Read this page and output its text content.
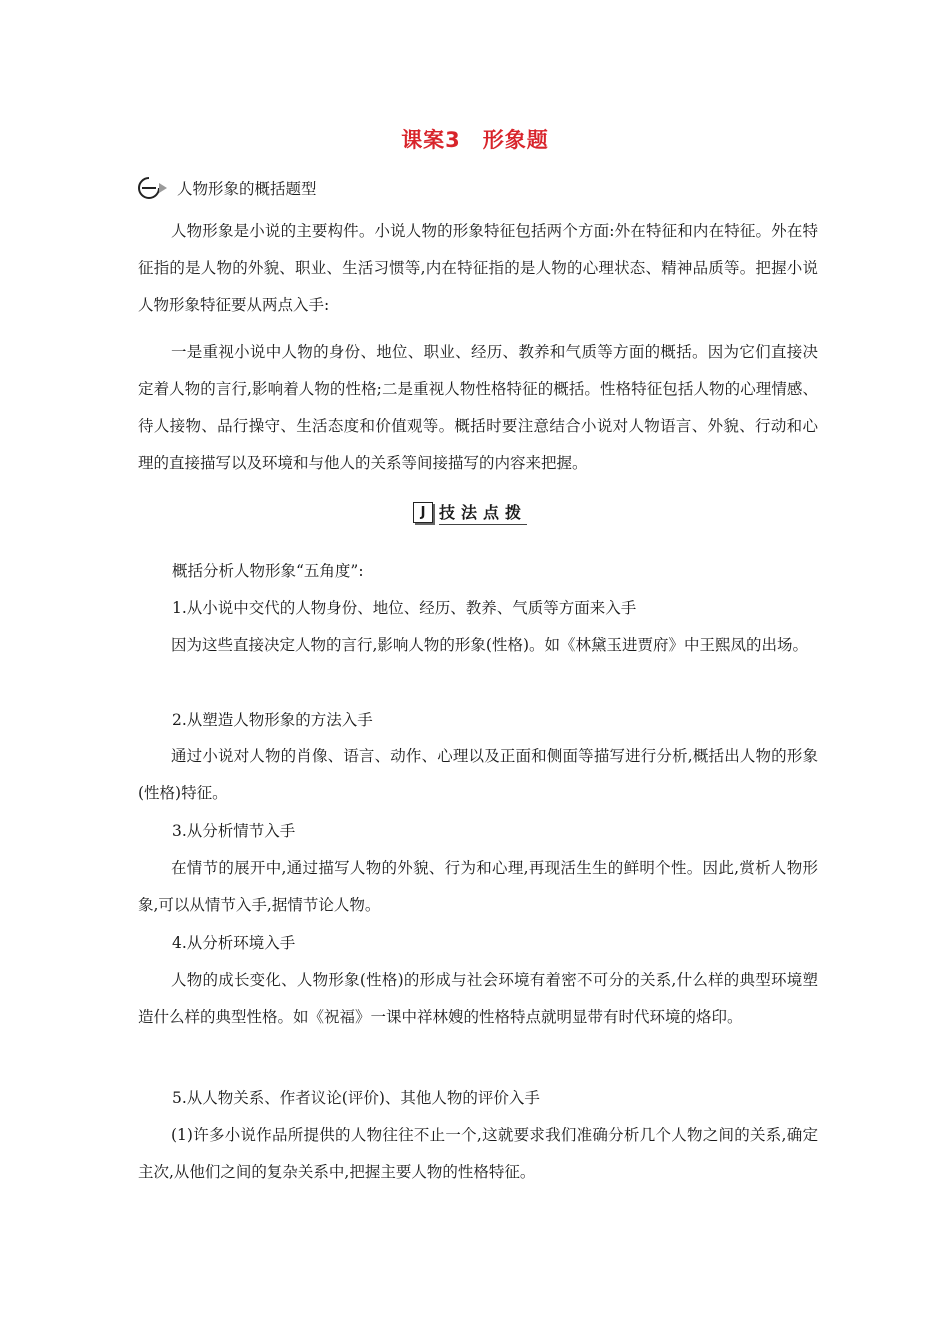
课案3　形象题
人物形象的概括题型

人物形象是小说的主要构件。小说人物的形象特征包括两个方面:外在特征和内在特征。外在特征指的是人物的外貌、职业、生活习惯等,内在特征指的是人物的心理状态、精神品质等。把握小说人物形象特征要从两点入手:

一是重视小说中人物的身份、地位、职业、经历、教养和气质等方面的概括。因为它们直接决定着人物的言行,影响着人物的性格;二是重视人物性格特征的概括。性格特征包括人物的心理情感、待人接物、品行操守、生活态度和价值观等。概括时要注意结合小说对人物语言、外貌、行动和心理的直接描写以及环境和与他人的关系等间接描写的内容来把握。

J 技法点拨

概括分析人物形象“五角度”:

1.从小说中交代的人物身份、地位、经历、教养、气质等方面来入手

因为这些直接决定人物的言行,影响人物的形象(性格)。如《林黛玉进贾府》中王熙凤的出场。

2.从塑造人物形象的方法入手

通过小说对人物的肖像、语言、动作、心理以及正面和侧面等描写进行分析,概括出人物的形象(性格)特征。

3.从分析情节入手

在情节的展开中,通过描写人物的外貌、行为和心理,再现活生生的鲜明个性。因此,赏析人物形象,可以从情节入手,据情节论人物。

4.从分析环境入手

人物的成长变化、人物形象(性格)的形成与社会环境有着密不可分的关系,什么样的典型环境塑造什么样的典型性格。如《祝福》一课中祥林嫂的性格特点就明显带有时代环境的烙印。

5.从人物关系、作者议论(评价)、其他人物的评价入手

(1)许多小说作品所提供的人物往往不止一个,这就要求我们准确分析几个人物之间的关系,确定主次,从他们之间的复杂关系中,把握主要人物的性格特征。
